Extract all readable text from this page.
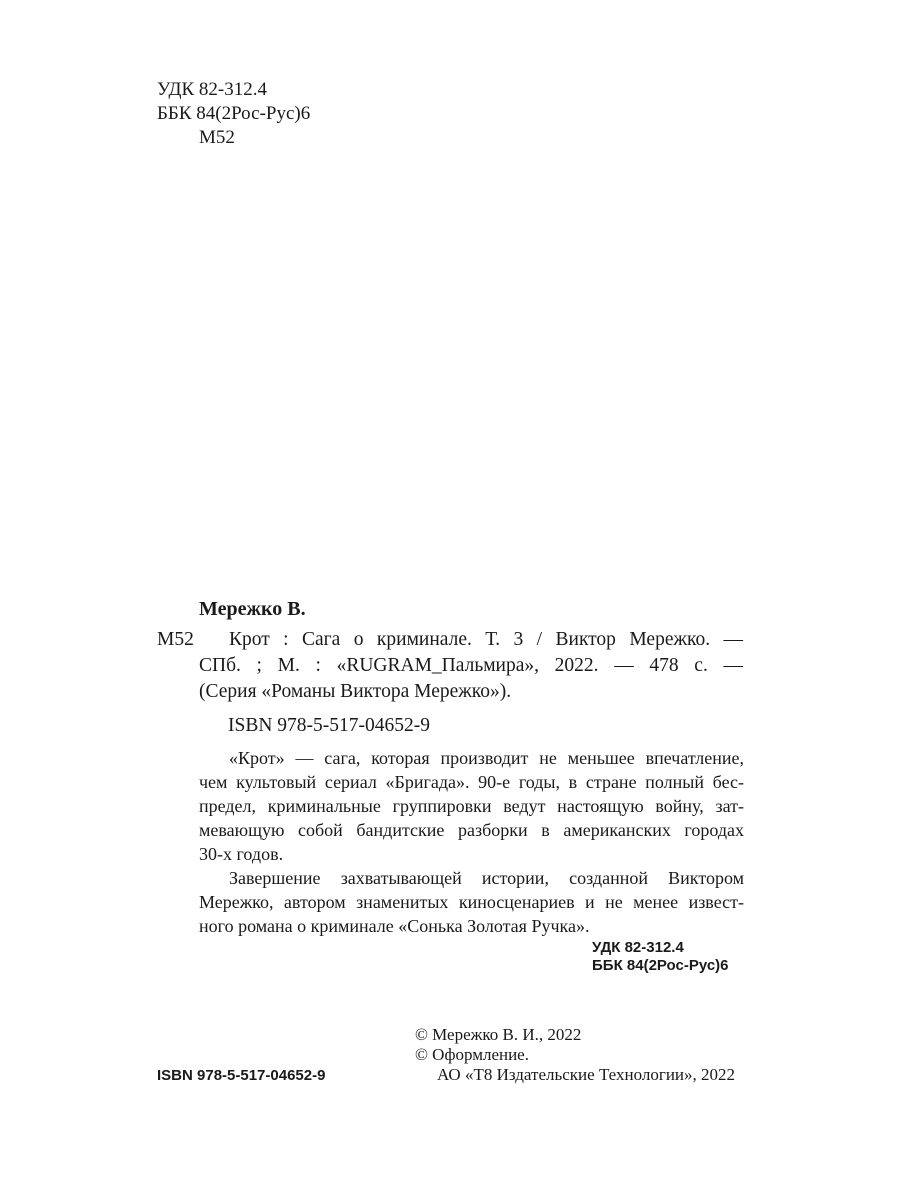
УДК 82-312.4
ББК 84(2Рос-Рус)6
М52
Мережко В.
М52 Крот : Сага о криминале. Т. 3 / Виктор Мережко. —
СПб. ; М. : «RUGRAM_Пальмира», 2022. — 478 с. —
(Серия «Романы Виктора Мережко»).
ISBN 978-5-517-04652-9
«Крот» — сага, которая производит не меньшее впечатление,
чем культовый сериал «Бригада». 90-е годы, в стране полный бес-
предел, криминальные группировки ведут настоящую войну, зат-
мевающую собой бандитские разборки в американских городах
30-х годов.
Завершение захватывающей истории, созданной Виктором
Мережко, автором знаменитых киносценариев и не менее извест-
ного романа о криминале «Сонька Золотая Ручка».
УДК 82-312.4
ББК 84(2Рос-Рус)6
© Мережко В. И., 2022
© Оформление.
АО «Т8 Издательские Технологии», 2022
ISBN 978-5-517-04652-9
